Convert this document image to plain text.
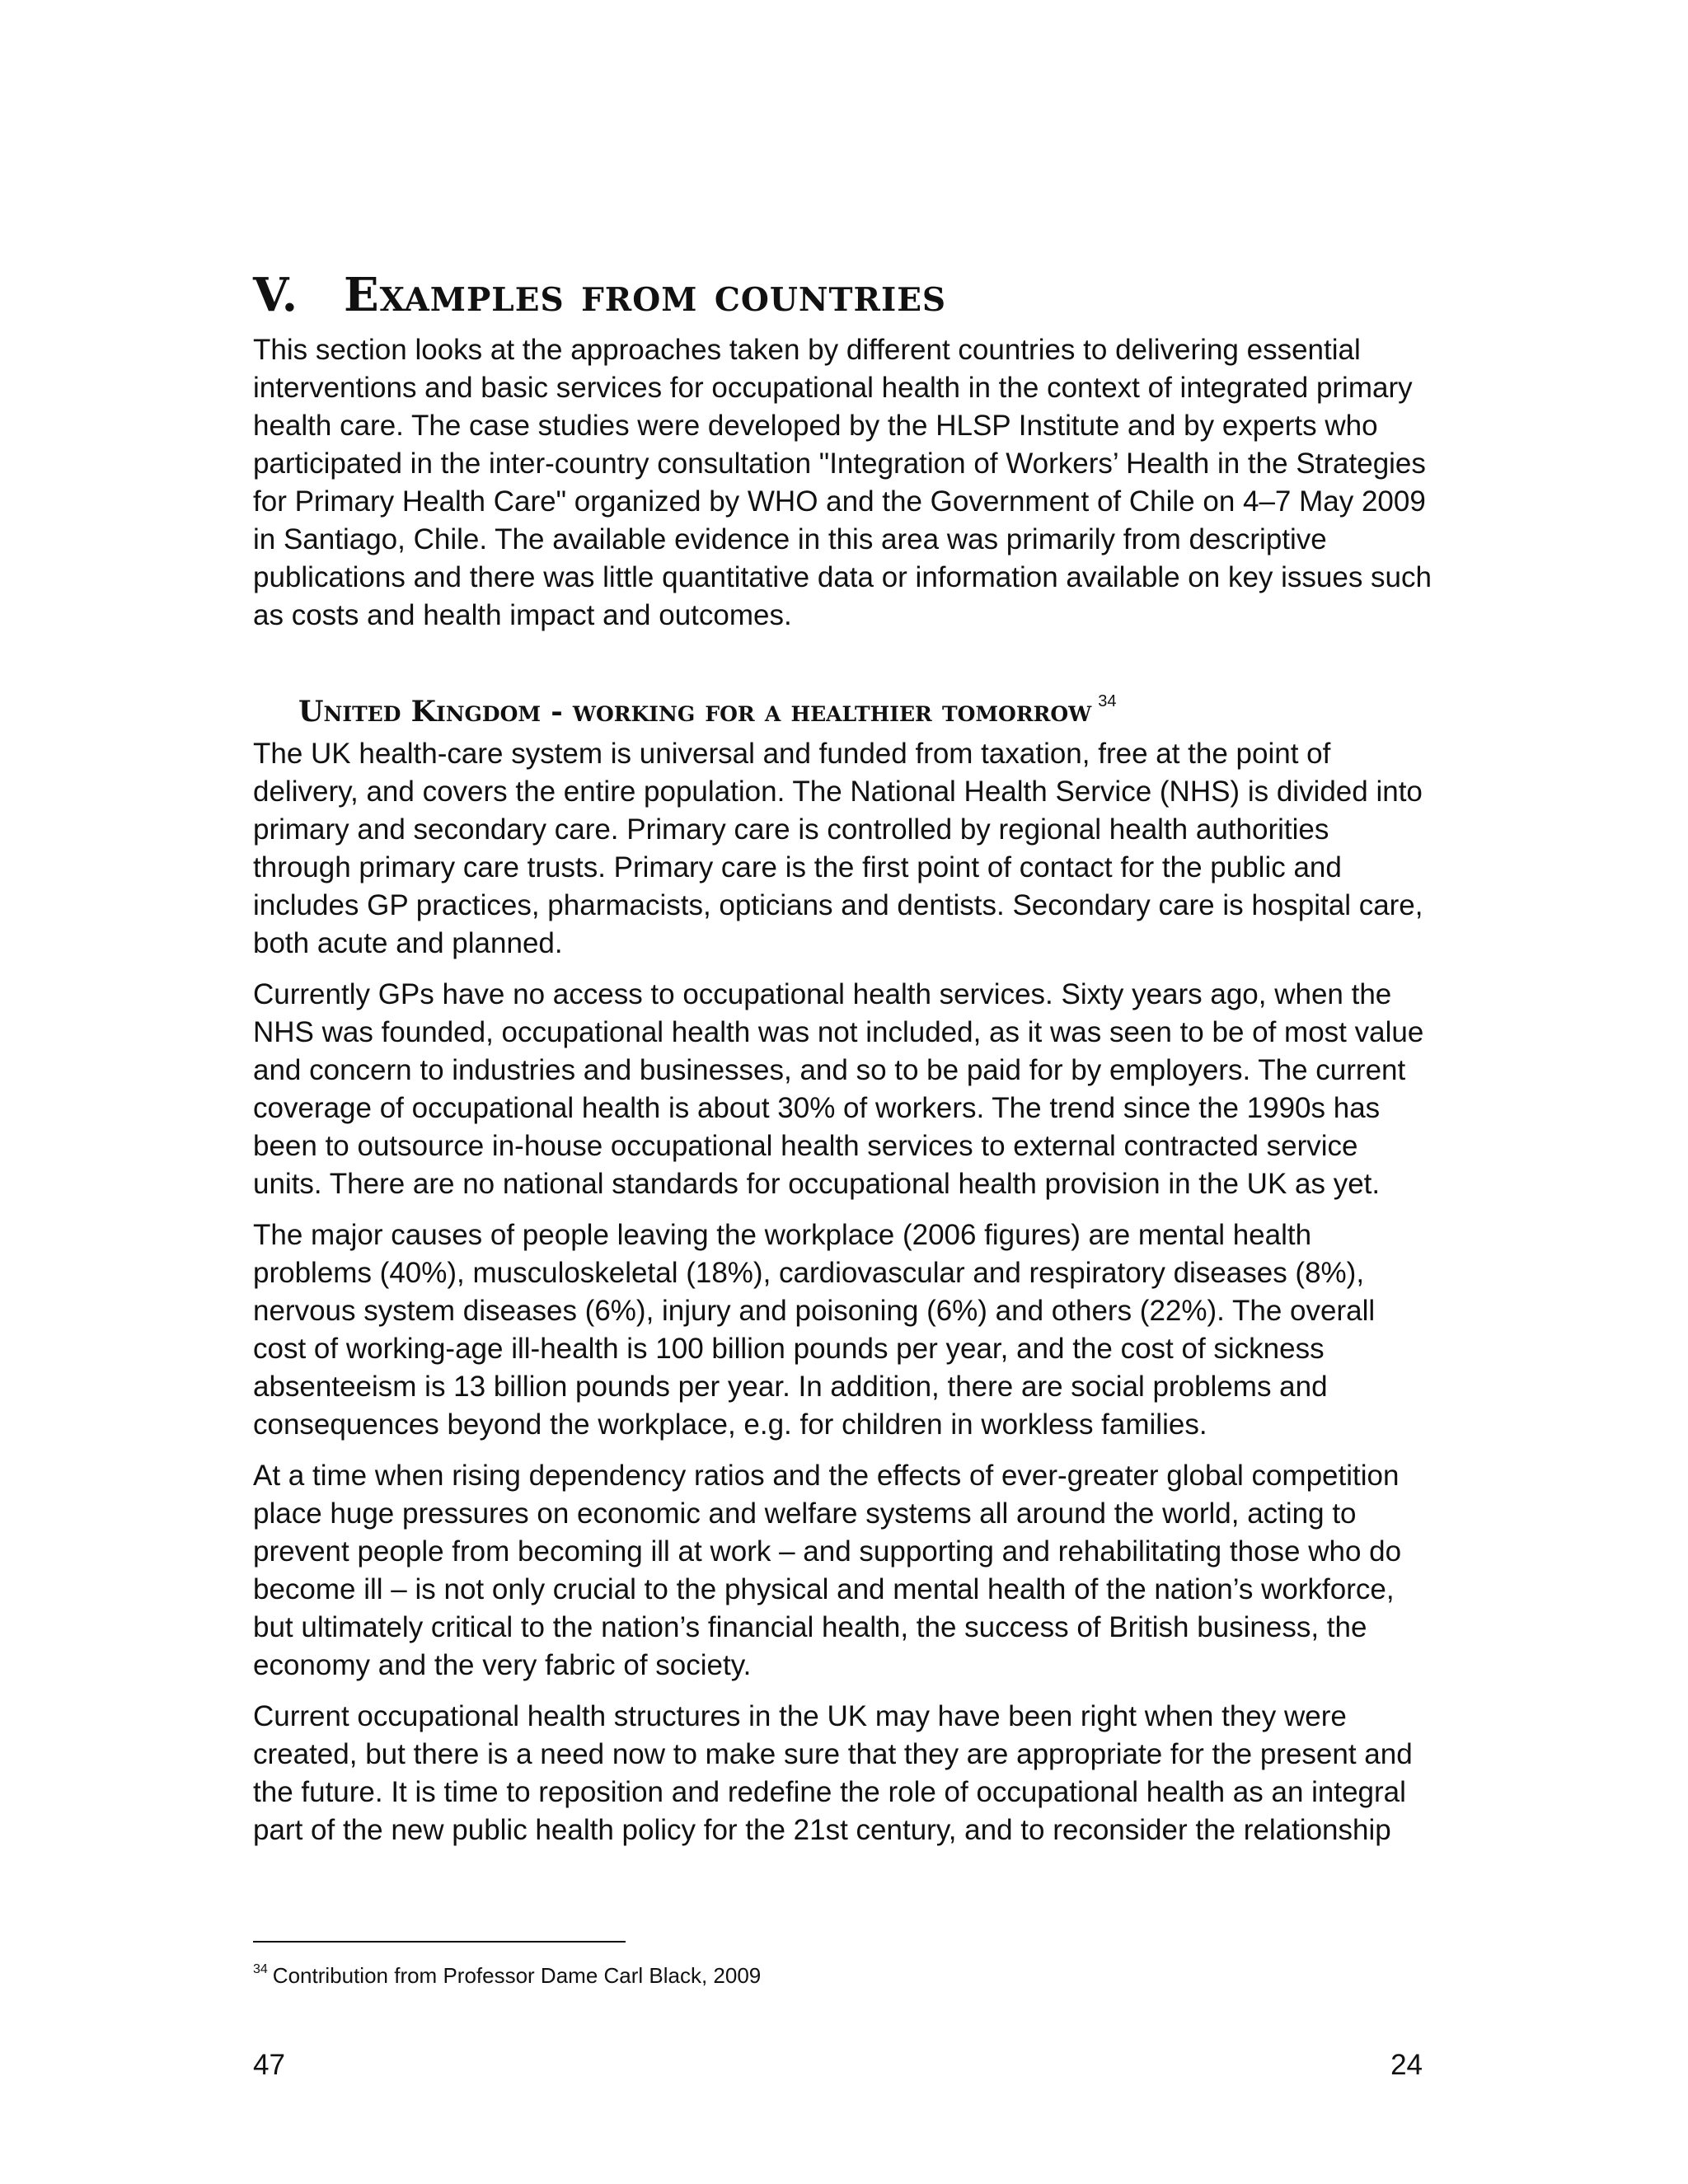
V. Examples from countries

This section looks at the approaches taken by different countries to delivering essential interventions and basic services for occupational health in the context of integrated primary health care. The case studies were developed by the HLSP Institute and by experts who participated in the inter-country consultation "Integration of Workers’ Health in the Strategies for Primary Health Care" organized by WHO and the Government of Chile on 4–7 May 2009 in Santiago, Chile. The available evidence in this area was primarily from descriptive publications and there was little quantitative data or information available on key issues such as costs and health impact and outcomes.

United Kingdom - working for a healthier tomorrow $^{34}$

The UK health-care system is universal and funded from taxation, free at the point of delivery, and covers the entire population. The National Health Service (NHS) is divided into primary and secondary care. Primary care is controlled by regional health authorities through primary care trusts. Primary care is the first point of contact for the public and includes GP practices, pharmacists, opticians and dentists. Secondary care is hospital care, both acute and planned.

Currently GPs have no access to occupational health services. Sixty years ago, when the NHS was founded, occupational health was not included, as it was seen to be of most value and concern to industries and businesses, and so to be paid for by employers. The current coverage of occupational health is about 30% of workers. The trend since the 1990s has been to outsource in-house occupational health services to external contracted service units. There are no national standards for occupational health provision in the UK as yet.

The major causes of people leaving the workplace (2006 figures) are mental health problems (40%), musculoskeletal (18%), cardiovascular and respiratory diseases (8%), nervous system diseases (6%), injury and poisoning (6%) and others (22%). The overall cost of working-age ill-health is 100 billion pounds per year, and the cost of sickness absenteeism is 13 billion pounds per year. In addition, there are social problems and consequences beyond the workplace, e.g. for children in workless families.

At a time when rising dependency ratios and the effects of ever-greater global competition place huge pressures on economic and welfare systems all around the world, acting to prevent people from becoming ill at work – and supporting and rehabilitating those who do become ill – is not only crucial to the physical and mental health of the nation’s workforce, but ultimately critical to the nation’s financial health, the success of British business, the economy and the very fabric of society.

Current occupational health structures in the UK may have been right when they were created, but there is a need now to make sure that they are appropriate for the present and the future. It is time to reposition and redefine the role of occupational health as an integral part of the new public health policy for the 21st century, and to reconsider the relationship

$^{34}$ Contribution from Professor Dame Carl Black, 2009

47	24
